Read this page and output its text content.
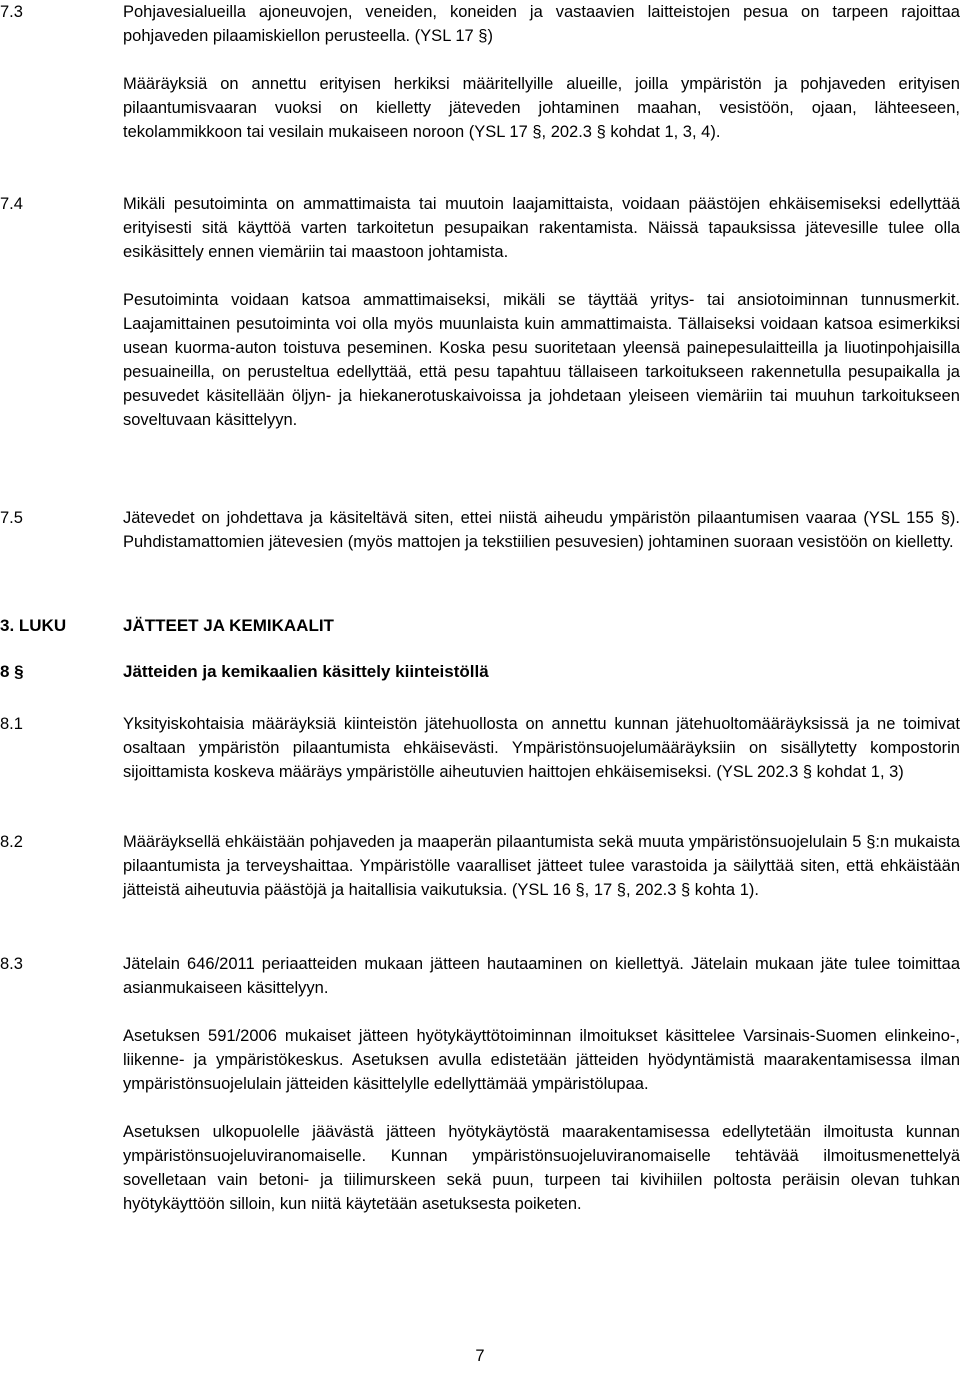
7.3	Pohjavesialueilla ajoneuvojen, veneiden, koneiden ja vastaavien laitteistojen pesua on tarpeen rajoittaa pohjaveden pilaamiskiellon perusteella. (YSL 17 §)

Määräyksiä on annettu erityisen herkiksi määritellyille alueille, joilla ympäristön ja pohjaveden erityisen pilaantumisvaaran vuoksi on kielletty jäteveden johtaminen maahan, vesistöön, ojaan, lähteeseen, tekolammikkoon tai vesilain mukaiseen noroon (YSL 17 §, 202.3 § kohdat 1, 3, 4).

7.4	Mikäli pesutoiminta on ammattimaista tai muutoin laajamittaista, voidaan päästöjen ehkäisemiseksi edellyttää erityisesti sitä käyttöä varten tarkoitetun pesupaikan rakentamista. Näissä tapauksissa jätevesille tulee olla esikäsittely ennen viemäriin tai maastoon johtamista.

Pesutoiminta voidaan katsoa ammattimaiseksi, mikäli se täyttää yritys- tai ansiotoiminnan tunnusmerkit. Laajamittainen pesutoiminta voi olla myös muunlaista kuin ammattimaista. Tällaiseksi voidaan katsoa esimerkiksi usean kuorma-auton toistuva peseminen. Koska pesu suoritetaan yleensä painepesulaitteilla ja liuotinpohjaisilla pesuaineilla, on perusteltua edellyttää, että pesu tapahtuu tällaiseen tarkoitukseen rakennetulla pesupaikalla ja pesuvedet käsitellään öljyn- ja hiekanerotuskaivoissa ja johdetaan yleiseen viemäriin tai muuhun tarkoitukseen soveltuvaan käsittelyyn.

7.5	Jätevedet on johdettava ja käsiteltävä siten, ettei niistä aiheudu ympäristön pilaantumisen vaaraa (YSL 155 §). Puhdistamattomien jätevesien (myös mattojen ja tekstiilien pesuvesien) johtaminen suoraan vesistöön on kielletty.

3. LUKU	JÄTTEET JA KEMIKAALIT
8 §	Jätteiden ja kemikaalien käsittely kiinteistöllä
8.1	Yksityiskohtaisia määräyksiä kiinteistön jätehuollosta on annettu kunnan jätehuoltomääräyksissä ja ne toimivat osaltaan ympäristön pilaantumista ehkäisevästi. Ympäristönsuojelumääräyksiin on sisällytetty kompostorin sijoittamista koskeva määräys ympäristölle aiheutuvien haittojen ehkäisemiseksi. (YSL 202.3 § kohdat 1, 3)

8.2	Määräyksellä ehkäistään pohjaveden ja maaperän pilaantumista sekä muuta ympäristönsuojelulain 5 §:n mukaista pilaantumista ja terveyshaittaa. Ympäristölle vaaralliset jätteet tulee varastoida ja säilyttää siten, että ehkäistään jätteistä aiheutuvia päästöjä ja haitallisia vaikutuksia. (YSL 16 §, 17 §, 202.3 § kohta 1).

8.3	Jätelain 646/2011 periaatteiden mukaan jätteen hautaaminen on kiellettyä. Jätelain mukaan jäte tulee toimittaa asianmukaiseen käsittelyyn.

Asetuksen 591/2006 mukaiset jätteen hyötykäyttötoiminnan ilmoitukset käsittelee Varsinais-Suomen elinkeino-, liikenne- ja ympäristökeskus. Asetuksen avulla edistetään jätteiden hyödyntämistä maarakentamisessa ilman ympäristönsuojelulain jätteiden käsittelylle edellyttämää ympäristölupaa.

Asetuksen ulkopuolelle jäävästä jätteen hyötykäytöstä maarakentamisessa edellytetään ilmoitusta kunnan ympäristönsuojeluviranomaiselle. Kunnan ympäristönsuojeluviranomaiselle tehtävää ilmoitusmenettelyä sovelletaan vain betoni- ja tiilimurskeen sekä puun, turpeen tai kivihiilen poltosta peräisin olevan tuhkan hyötykäyttöön silloin, kun niitä käytetään asetuksesta poiketen.

7
